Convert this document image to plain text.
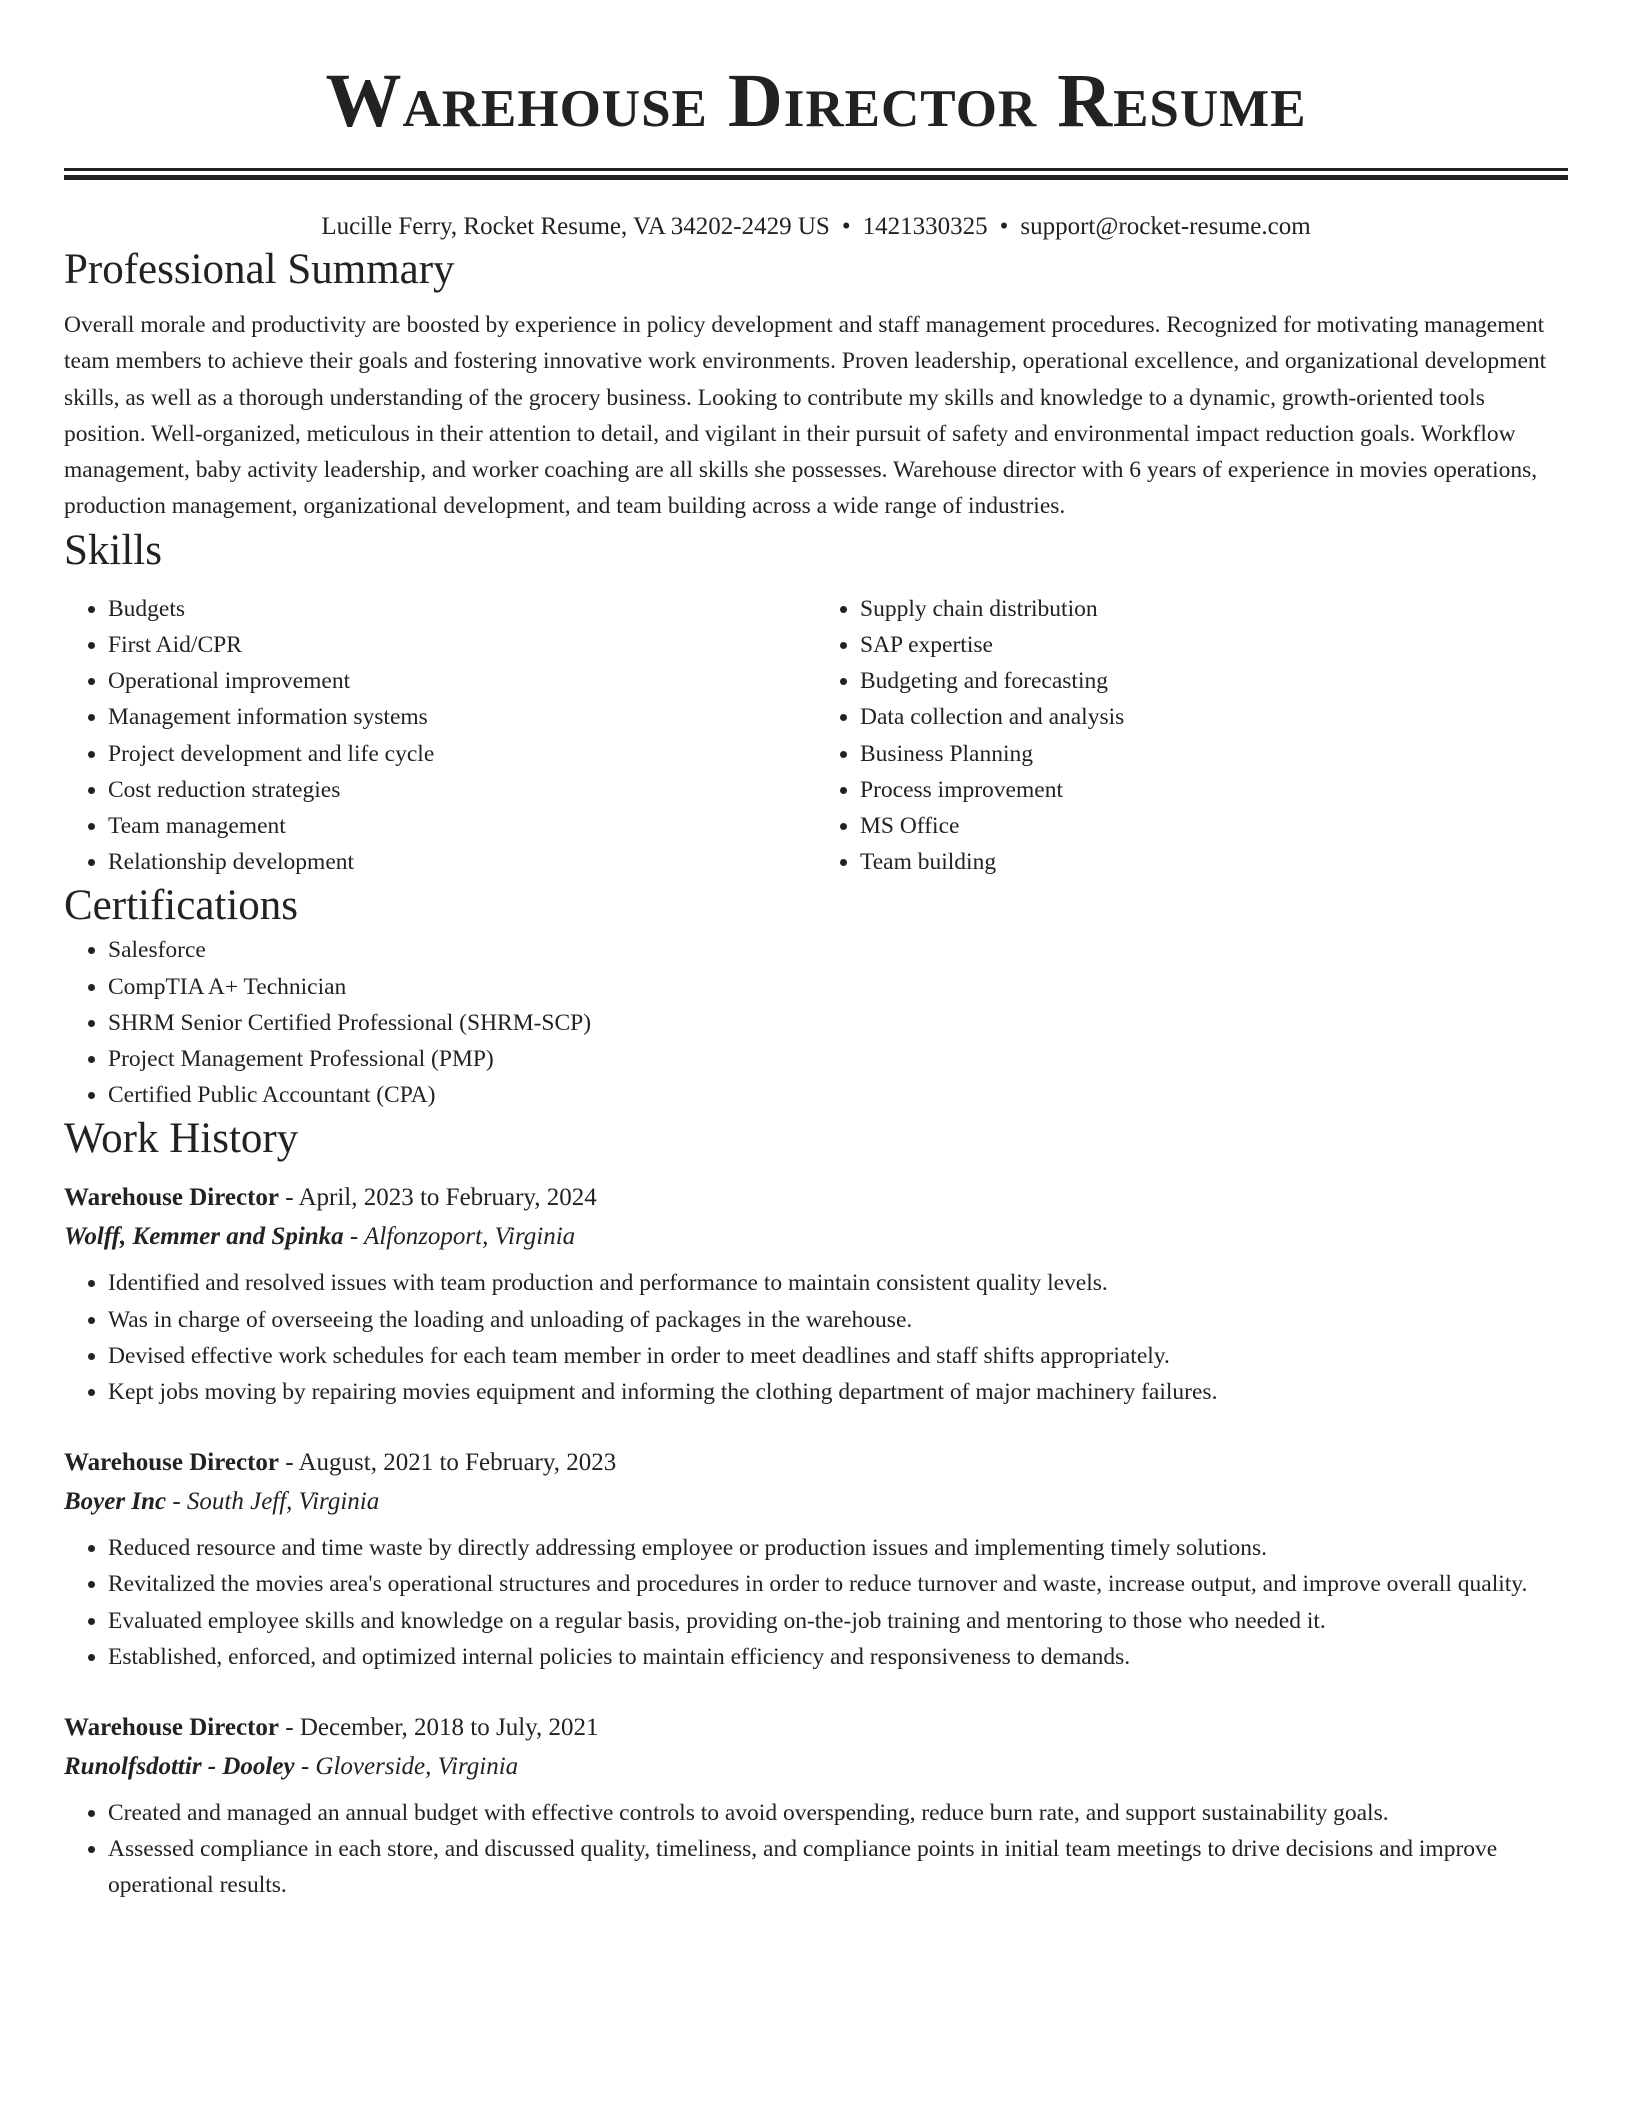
Warehouse Director Resume
Lucille Ferry, Rocket Resume, VA 34202-2429 US • 1421330325 • support@rocket-resume.com
Professional Summary

Overall morale and productivity are boosted by experience in policy development and staff management procedures. Recognized for motivating management team members to achieve their goals and fostering innovative work environments. Proven leadership, operational excellence, and organizational development skills, as well as a thorough understanding of the grocery business. Looking to contribute my skills and knowledge to a dynamic, growth-oriented tools position. Well-organized, meticulous in their attention to detail, and vigilant in their pursuit of safety and environmental impact reduction goals. Workflow management, baby activity leadership, and worker coaching are all skills she possesses. Warehouse director with 6 years of experience in movies operations, production management, organizational development, and team building across a wide range of industries.

Skills
• Budgets
• First Aid/CPR
• Operational improvement
• Management information systems
• Project development and life cycle
• Cost reduction strategies
• Team management
• Relationship development
• Supply chain distribution
• SAP expertise
• Budgeting and forecasting
• Data collection and analysis
• Business Planning
• Process improvement
• MS Office
• Team building
Certifications
• Salesforce
• CompTIA A+ Technician
• SHRM Senior Certified Professional (SHRM-SCP)
• Project Management Professional (PMP)
• Certified Public Accountant (CPA)
Work History
Warehouse Director - April, 2023 to February, 2024
Wolff, Kemmer and Spinka - Alfonzoport, Virginia
• Identified and resolved issues with team production and performance to maintain consistent quality levels.
• Was in charge of overseeing the loading and unloading of packages in the warehouse.
• Devised effective work schedules for each team member in order to meet deadlines and staff shifts appropriately.
• Kept jobs moving by repairing movies equipment and informing the clothing department of major machinery failures.
Warehouse Director - August, 2021 to February, 2023
Boyer Inc - South Jeff, Virginia
• Reduced resource and time waste by directly addressing employee or production issues and implementing timely solutions.
• Revitalized the movies area's operational structures and procedures in order to reduce turnover and waste, increase output, and improve overall quality.
• Evaluated employee skills and knowledge on a regular basis, providing on-the-job training and mentoring to those who needed it.
• Established, enforced, and optimized internal policies to maintain efficiency and responsiveness to demands.
Warehouse Director - December, 2018 to July, 2021
Runolfsdottir - Dooley - Gloverside, Virginia
• Created and managed an annual budget with effective controls to avoid overspending, reduce burn rate, and support sustainability goals.
• Assessed compliance in each store, and discussed quality, timeliness, and compliance points in initial team meetings to drive decisions and improve operational results.
